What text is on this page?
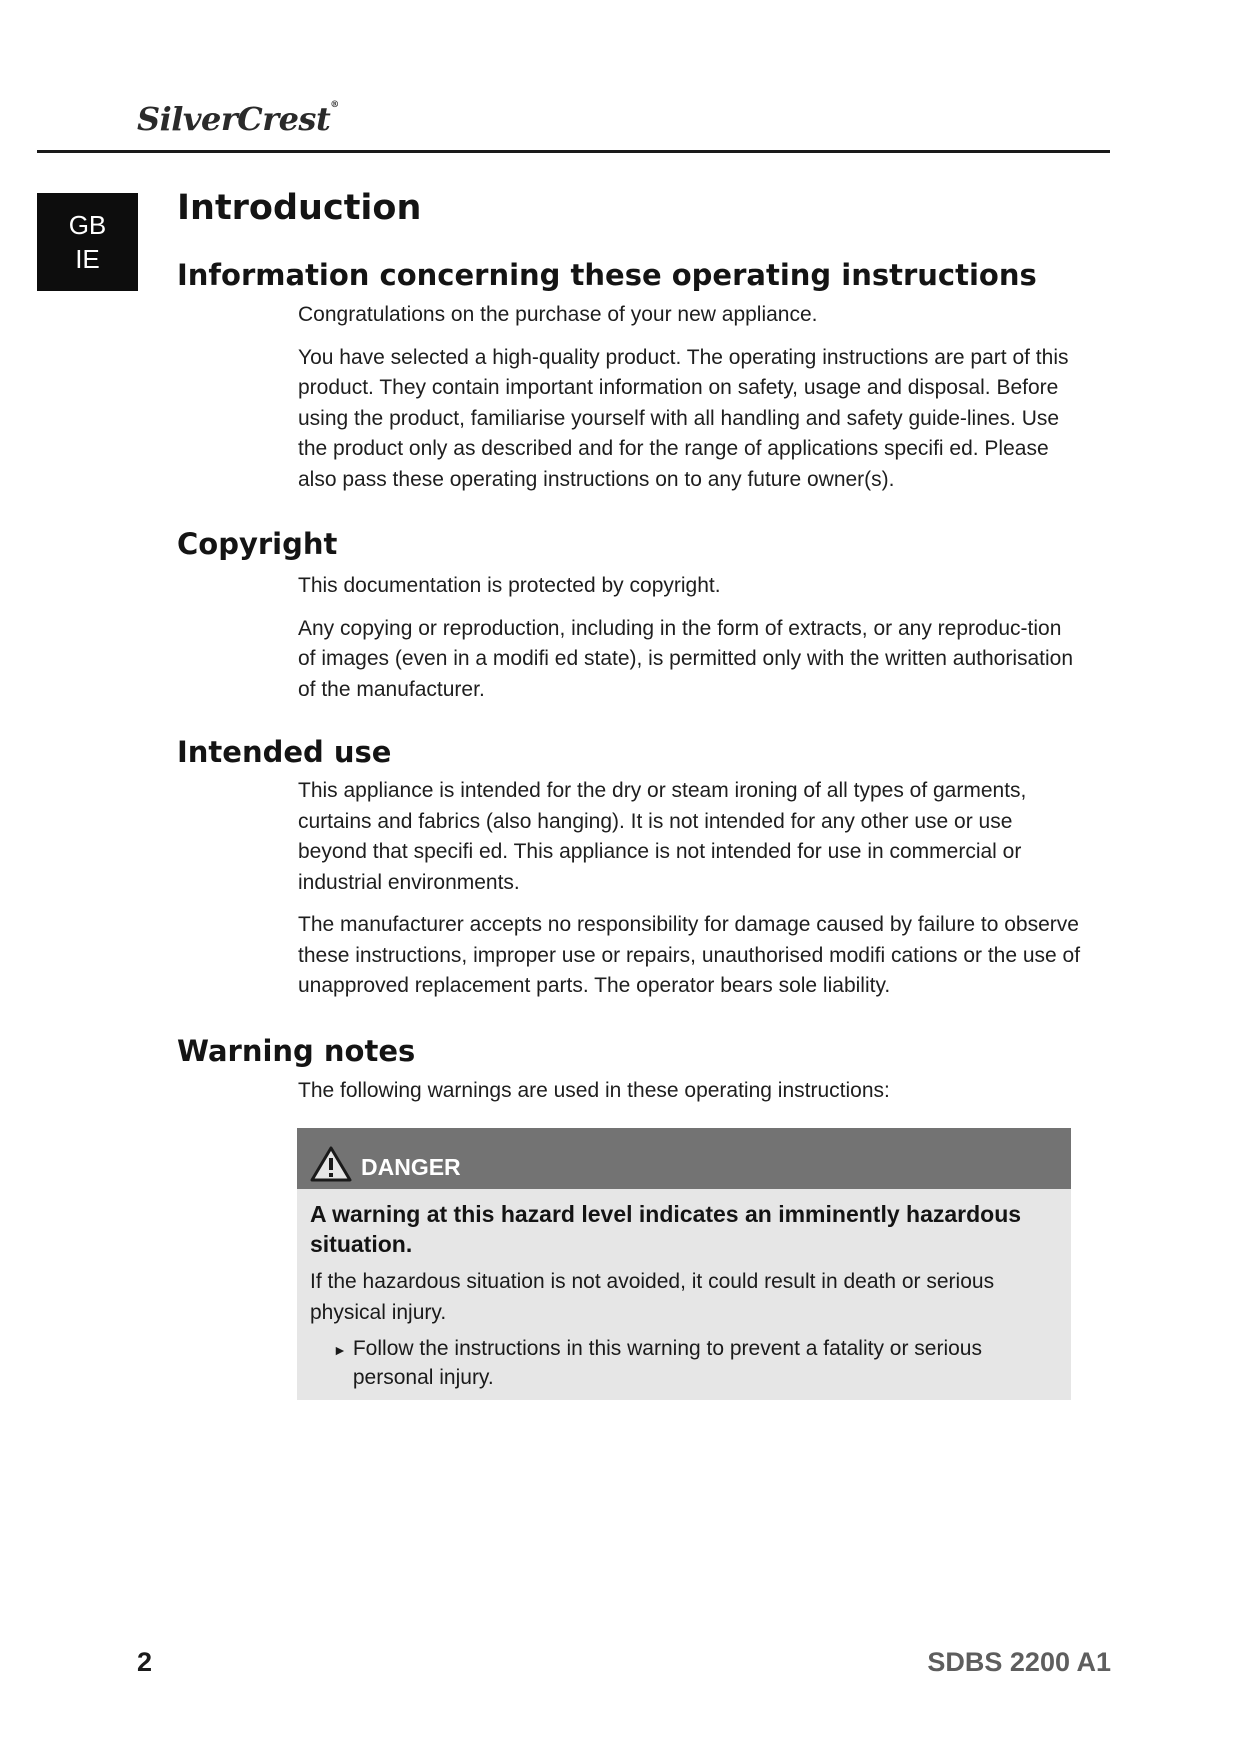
SilverCrest®
GB
IE
Introduction
Information concerning these operating instructions

Congratulations on the purchase of your new appliance.

You have selected a high-quality product. The operating instructions are part of this product. They contain important information on safety, usage and disposal. Before using the product, familiarise yourself with all handling and safety guide-lines. Use the product only as described and for the range of applications specifi ed. Please also pass these operating instructions on to any future owner(s).

Copyright

This documentation is protected by copyright.

Any copying or reproduction, including in the form of extracts, or any reproduc-tion of images (even in a modifi ed state), is permitted only with the written authorisation of the manufacturer.

Intended use

This appliance is intended for the dry or steam ironing of all types of garments, curtains and fabrics (also hanging). It is not intended for any other use or use beyond that specifi ed. This appliance is not intended for use in commercial or industrial environments.

The manufacturer accepts no responsibility for damage caused by failure to observe these instructions, improper use or repairs, unauthorised modifi cations or the use of unapproved replacement parts. The operator bears sole liability.

Warning notes

The following warnings are used in these operating instructions:

DANGER

A warning at this hazard level indicates an imminently hazardous situation.

If the hazardous situation is not avoided, it could result in death or serious physical injury.

► Follow the instructions in this warning to prevent a fatality or serious personal injury.
2	SDBS 2200 A1
